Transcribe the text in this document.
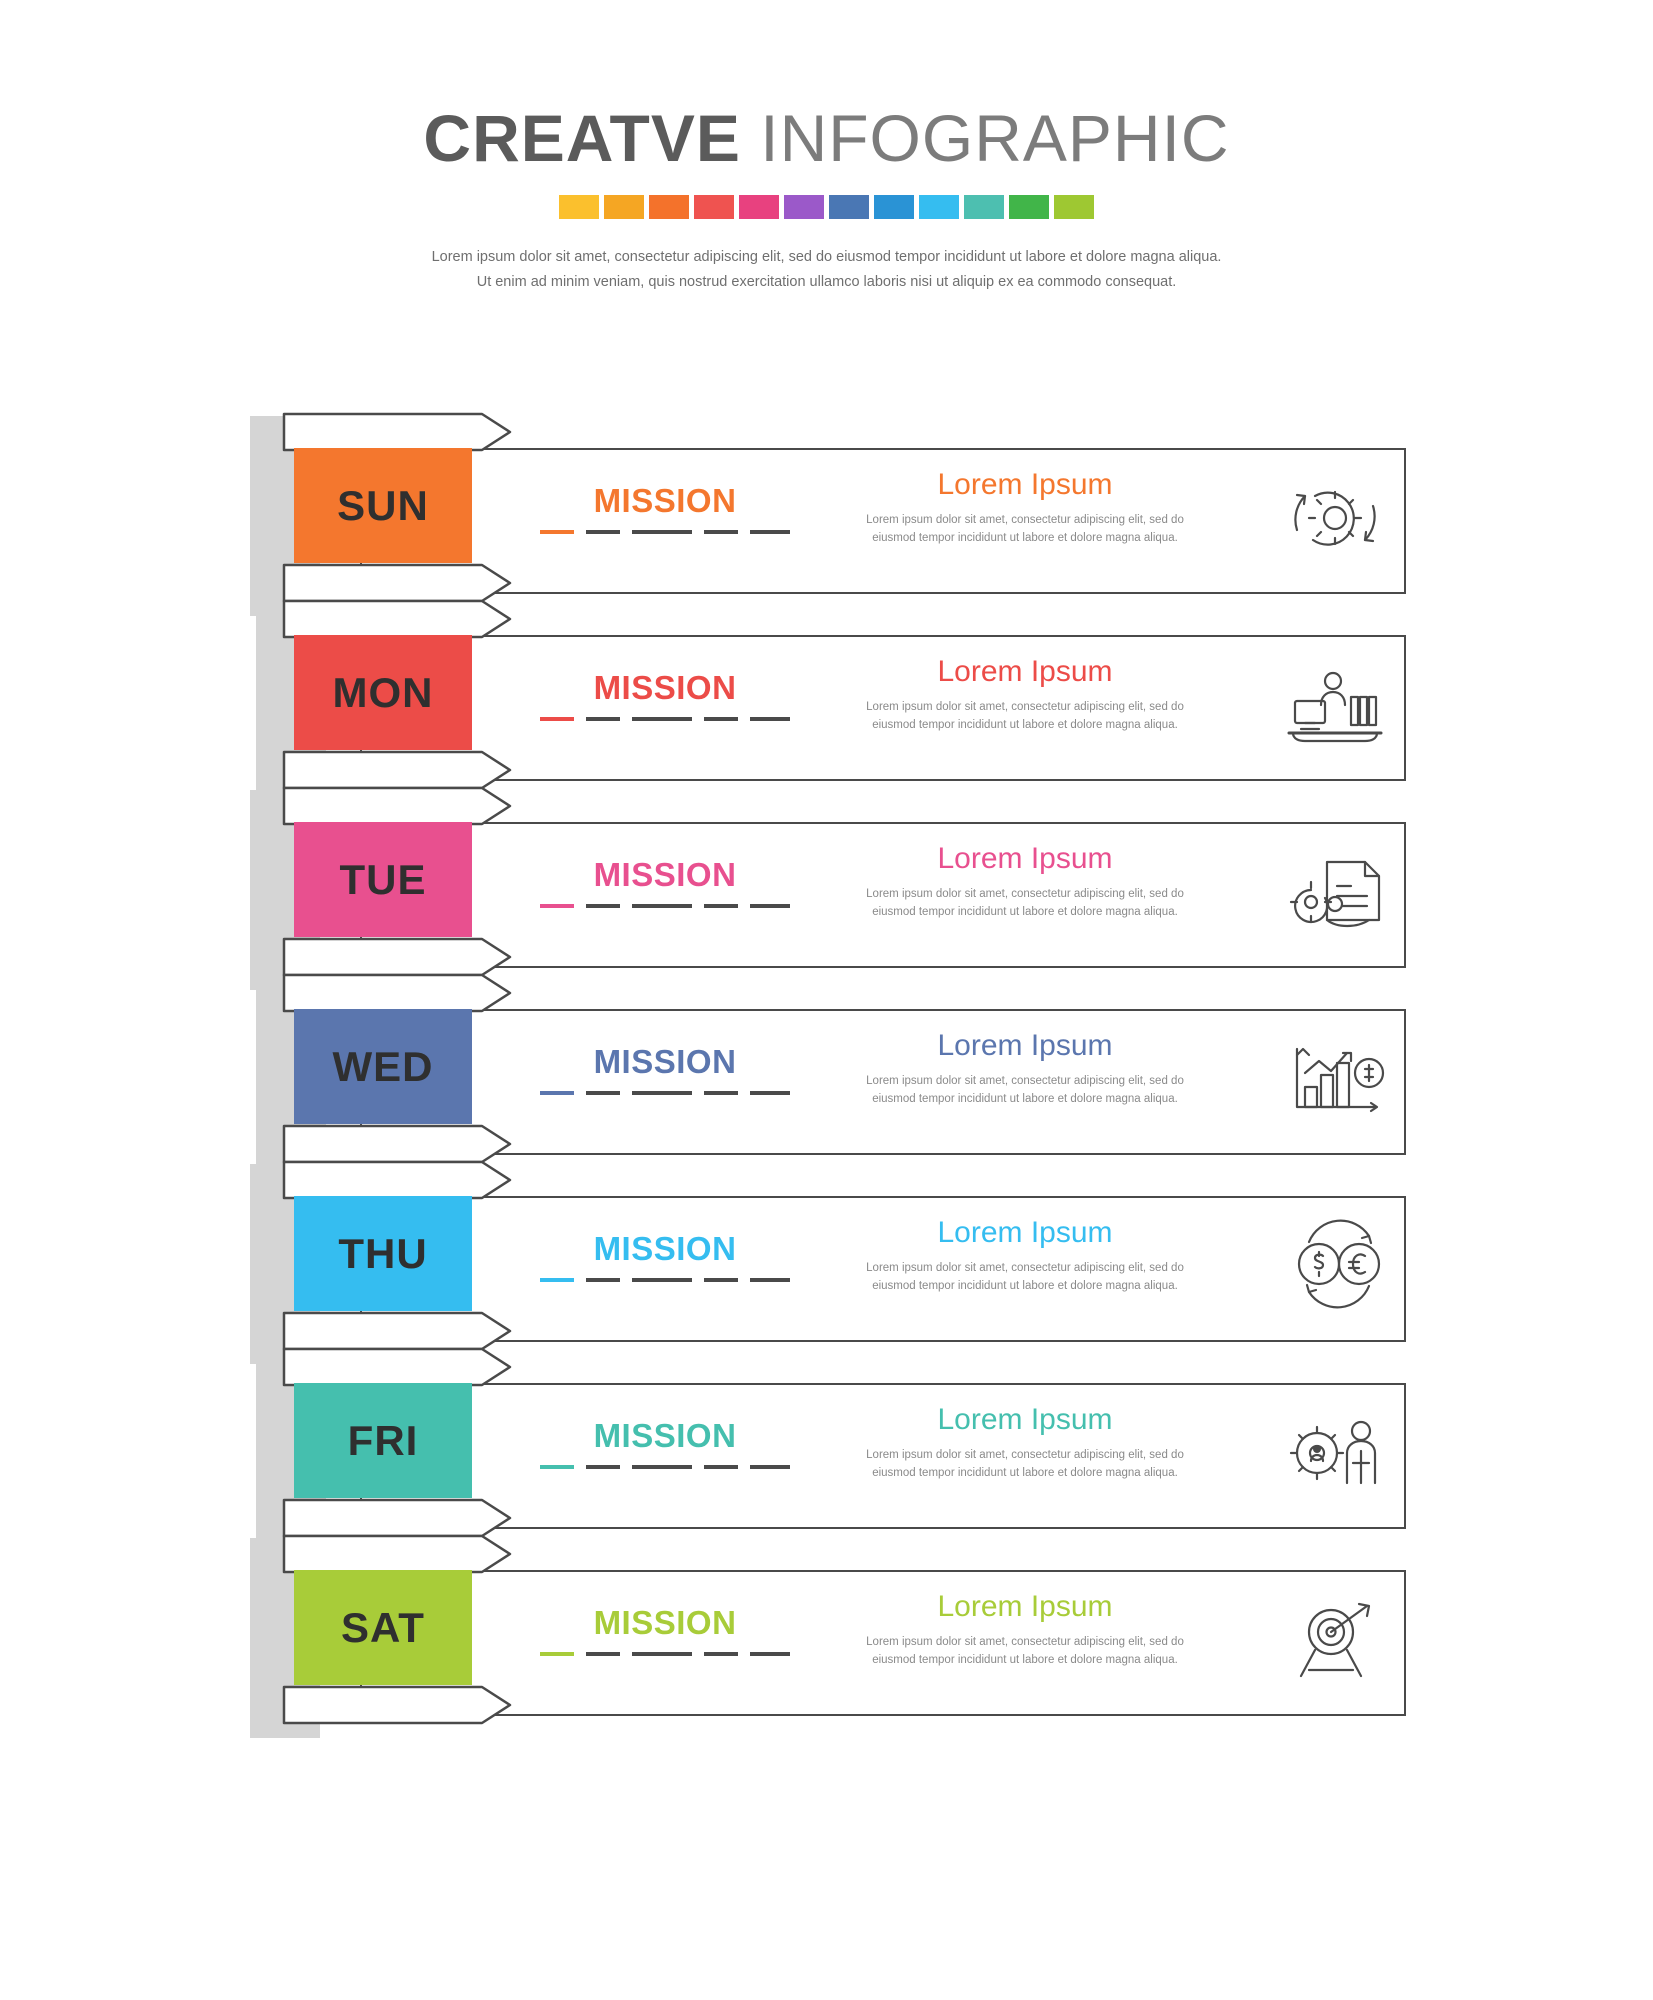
CREATVE INFOGRAPHIC
Lorem ipsum dolor sit amet, consectetur adipiscing elit, sed do eiusmod tempor incididunt ut labore et dolore magna aliqua.
Ut enim ad minim veniam, quis nostrud exercitation ullamco laboris nisi ut aliquip ex ea commodo consequat.
SUN	MISSION	Lorem Ipsum
Lorem ipsum dolor sit amet, consectetur adipiscing elit, sed do eiusmod tempor incididunt ut labore et dolore magna aliqua.
MON	MISSION	Lorem Ipsum
Lorem ipsum dolor sit amet, consectetur adipiscing elit, sed do eiusmod tempor incididunt ut labore et dolore magna aliqua.
TUE	MISSION	Lorem Ipsum
Lorem ipsum dolor sit amet, consectetur adipiscing elit, sed do eiusmod tempor incididunt ut labore et dolore magna aliqua.
WED	MISSION	Lorem Ipsum
Lorem ipsum dolor sit amet, consectetur adipiscing elit, sed do eiusmod tempor incididunt ut labore et dolore magna aliqua.
THU	MISSION	Lorem Ipsum
Lorem ipsum dolor sit amet, consectetur adipiscing elit, sed do eiusmod tempor incididunt ut labore et dolore magna aliqua.
FRI	MISSION	Lorem Ipsum
Lorem ipsum dolor sit amet, consectetur adipiscing elit, sed do eiusmod tempor incididunt ut labore et dolore magna aliqua.
SAT	MISSION	Lorem Ipsum
Lorem ipsum dolor sit amet, consectetur adipiscing elit, sed do eiusmod tempor incididunt ut labore et dolore magna aliqua.
